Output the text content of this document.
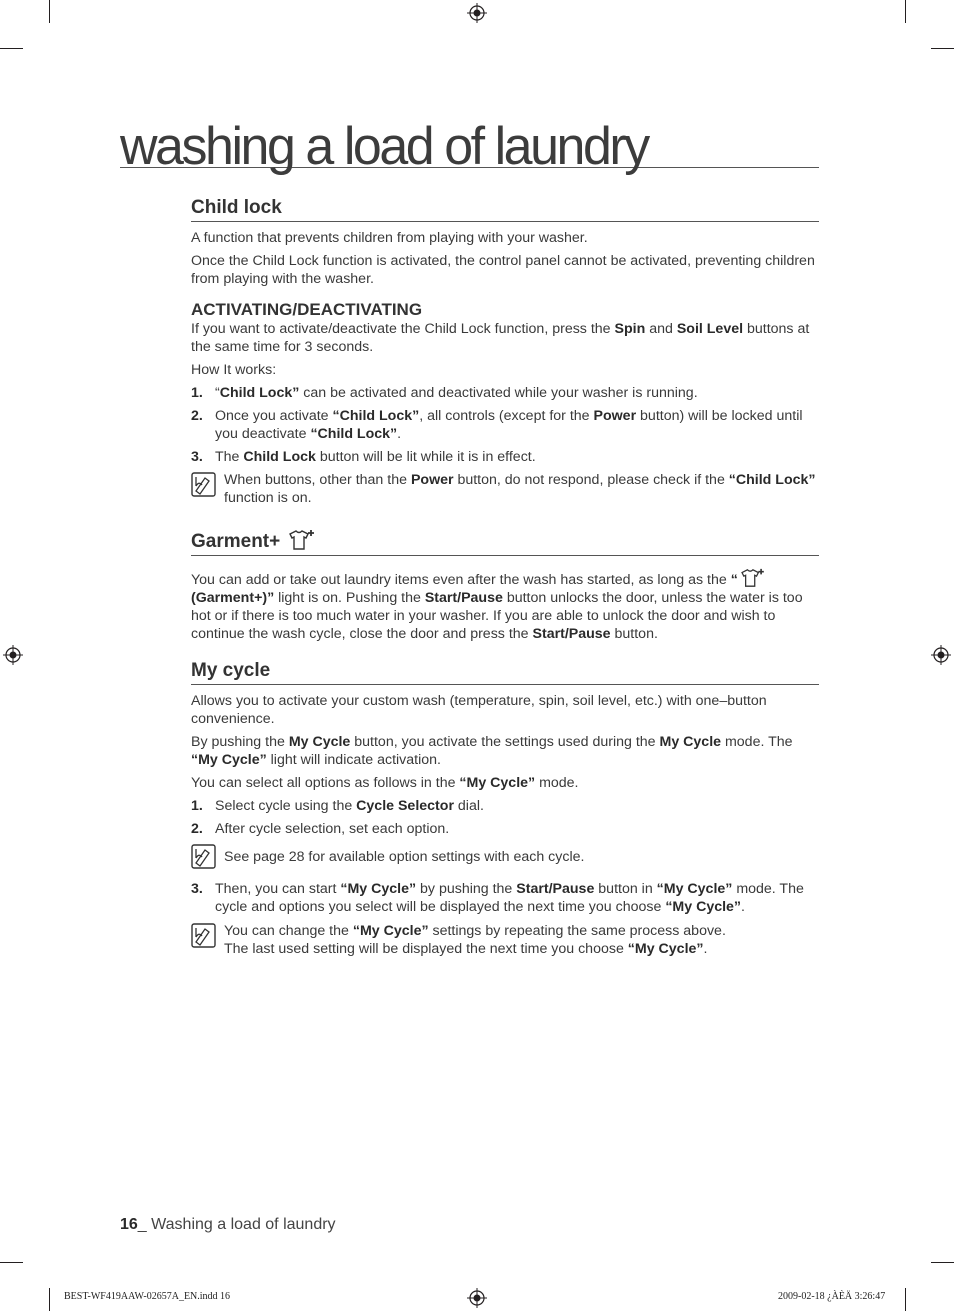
washing a load of laundry
Child lock

A function that prevents children from playing with your washer.

Once the Child Lock function is activated, the control panel cannot be activated, preventing children from playing with the washer.

ACTIVATING/DEACTIVATING

If you want to activate/deactivate the Child Lock function, press the Spin and Soil Level buttons at the same time for 3 seconds.

How It works:

1. “Child Lock” can be activated and deactivated while your washer is running.
2. Once you activate “Child Lock”, all controls (except for the Power button) will be locked until you deactivate “Child Lock”.
3. The Child Lock button will be lit while it is in effect.
When buttons, other than the Power button, do not respond, please check if the “Child Lock” function is on.
Garment+

You can add or take out laundry items even after the wash has started, as long as the “
(Garment+)” light is on. Pushing the Start/Pause button unlocks the door, unless the water is too hot or if there is too much water in your washer. If you are able to unlock the door and wish to continue the wash cycle, close the door and press the Start/Pause button.

My cycle

Allows you to activate your custom wash (temperature, spin, soil level, etc.) with one–button convenience.

By pushing the My Cycle button, you activate the settings used during the My Cycle mode. The “My Cycle” light will indicate activation.

You can select all options as follows in the “My Cycle” mode.

1. Select cycle using the Cycle Selector dial.
2. After cycle selection, set each option.
See page 28 for available option settings with each cycle.
3. Then, you can start “My Cycle” by pushing the Start/Pause button in “My Cycle” mode. The cycle and options you select will be displayed the next time you choose “My Cycle”.
You can change the “My Cycle” settings by repeating the same process above.
The last used setting will be displayed the next time you choose “My Cycle”.
16_ Washing a load of laundry
BEST-WF419AAW-02657A_EN.indd 16	2009-02-18 ¿ÀÈÄ 3:26:47
